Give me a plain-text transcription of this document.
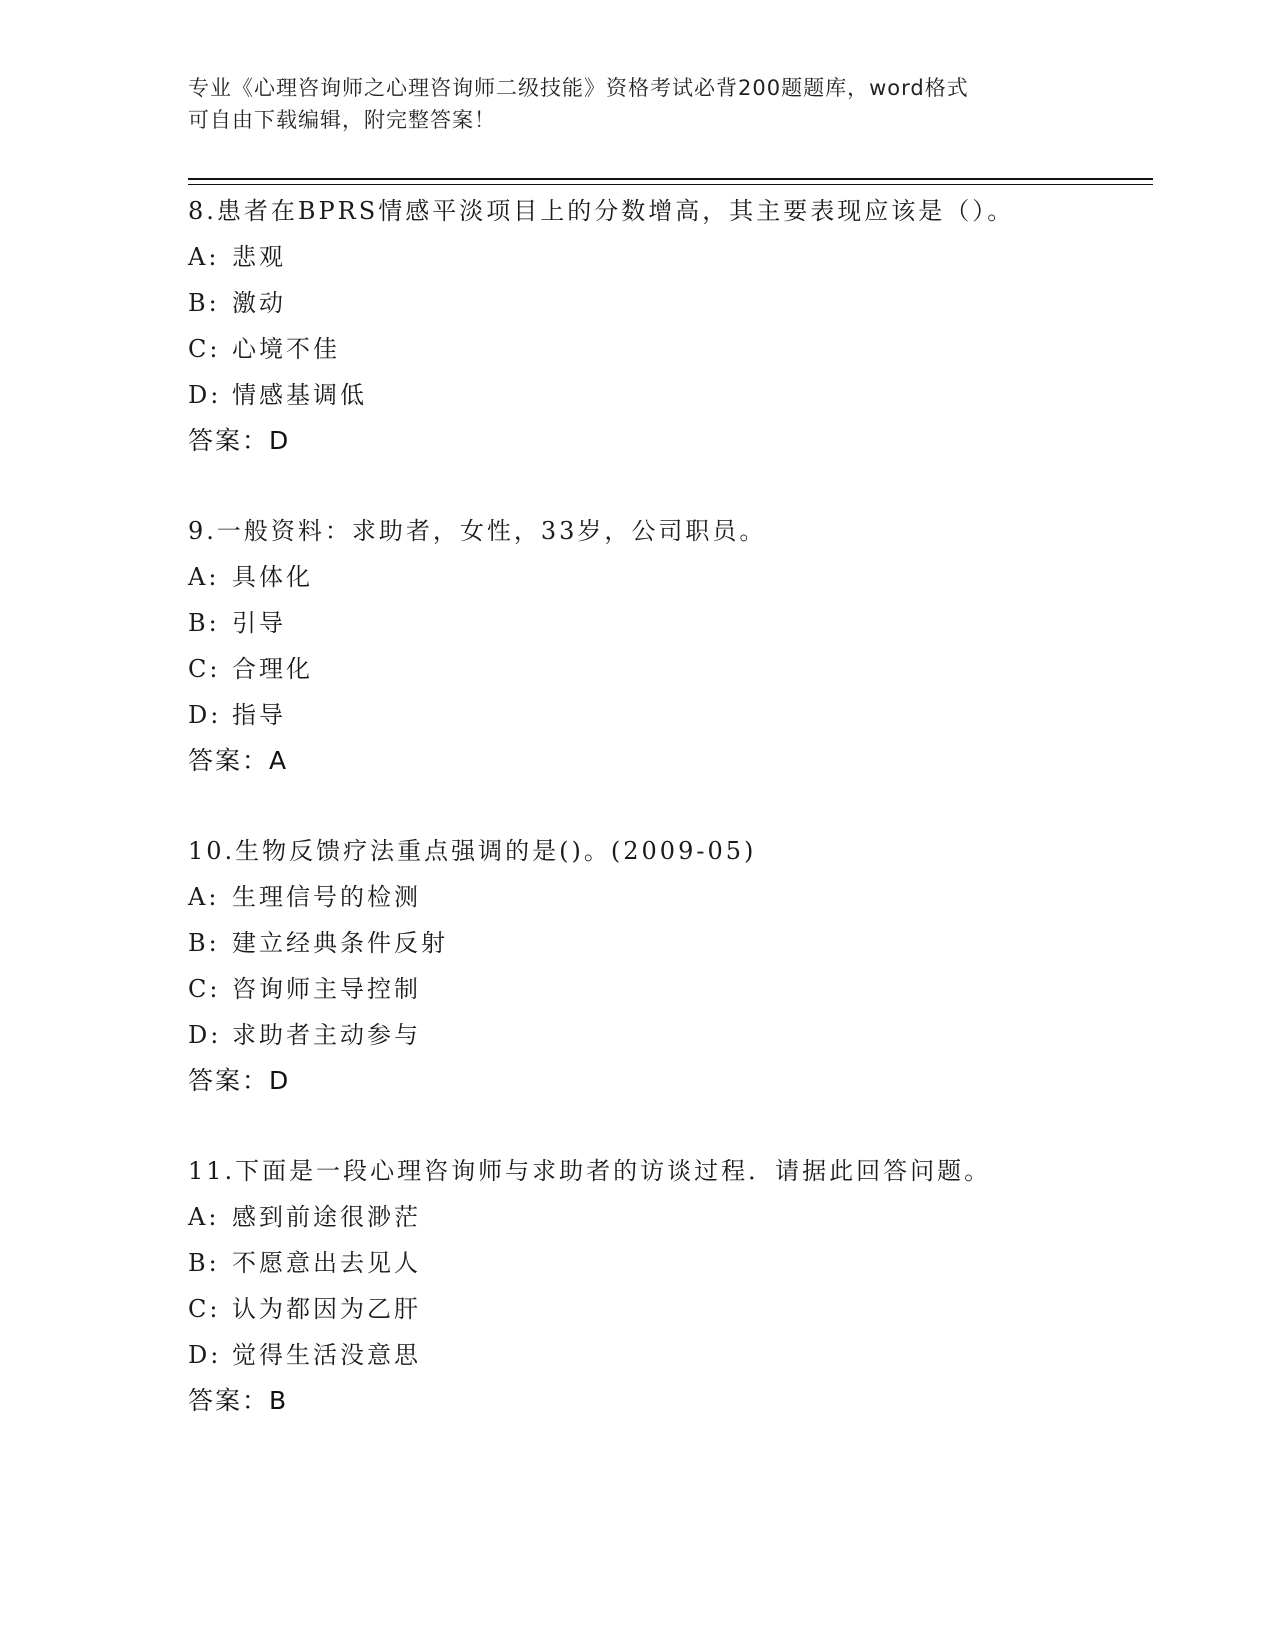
专业《心理咨询师之心理咨询师二级技能》资格考试必背200题题库，word格式
可自由下载编辑，附完整答案！
8.患者在BPRS情感平淡项目上的分数增高，其主要表现应该是（）。
A: 悲观
B: 激动
C: 心境不佳
D: 情感基调低
答案：D
9.一般资料：求助者，女性，33岁，公司职员。
A: 具体化
B: 引导
C: 合理化
D: 指导
答案：A
10.生物反馈疗法重点强调的是()。(2009-05)
A: 生理信号的检测
B: 建立经典条件反射
C: 咨询师主导控制
D: 求助者主动参与
答案：D
11.下面是一段心理咨询师与求助者的访谈过程．请据此回答问题。
A: 感到前途很渺茫
B: 不愿意出去见人
C: 认为都因为乙肝
D: 觉得生活没意思
答案：B
